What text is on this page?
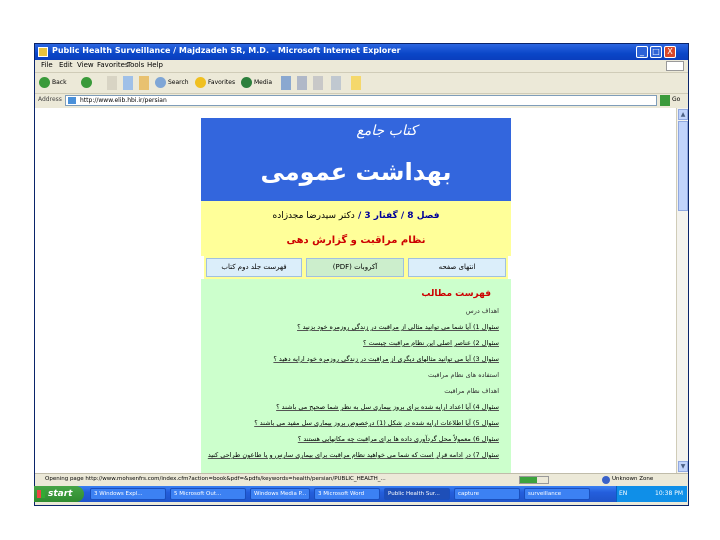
Public Health Surveillance / Majdzadeh SR, M.D. - Microsoft Internet Explorer	_	□ X
File Edit View Favorites
Tools Help
Back	Search	Favorites	Media
Address	http://www.elib.hbi.ir/persian	Go
کتاب جامع
بهداشت عمومی
فصل 8 / گفتار 3 / دکتر سیدرضا مجدزاده
نظام مراقبت و گزارش دهی
فهرست جلد دوم کتاب	آکروبات (PDF)	انتهای صفحه
فهرست مطالب
اهداف درس
سئوال 1) آیا شما می توانید مثالی از مراقبت در زندگی روزمره خود بزنید ؟
سئوال 2) عناصر اصلی این نظام مراقبت چیست ؟
سئوال 3) آیا می توانید مثالهای دیگری از مراقبت در زندگی روزمره خود ارایه دهید ؟
استفاده های نظام مراقبت
اهداف نظام مراقبت
سئوال 4) آیا اعداد ارایه شده برای بروز بیماری سل به نظر شما صحیح می باشند ؟
سئوال 5) آیا اطلاعات ارایه شده در شکل (1) درخصوص بروز بیماری سل مفید می باشند ؟
سئوال 6) معمولاً محل گردآوری داده ها برای مراقبت چه مکانهایی هستند ؟
سئوال 7) در ادامه قرار است که شما می خواهید نظام مراقبت برای بیماری سارس و یا طاعون طراحی کنید
▲
▼
Opening page http://www.mohsenfrs.com/index.cfm?action=book&pdf=&pdfs/keywords=health/persian/PUBLIC_HEALTH_...	Unknown Zone
start	3 Windows Expl...	5 Microsoft Out...	Windows Media P...	3 Microsoft Word	Public Health Sur...	capture	surveillance	EN	10:38 PM
